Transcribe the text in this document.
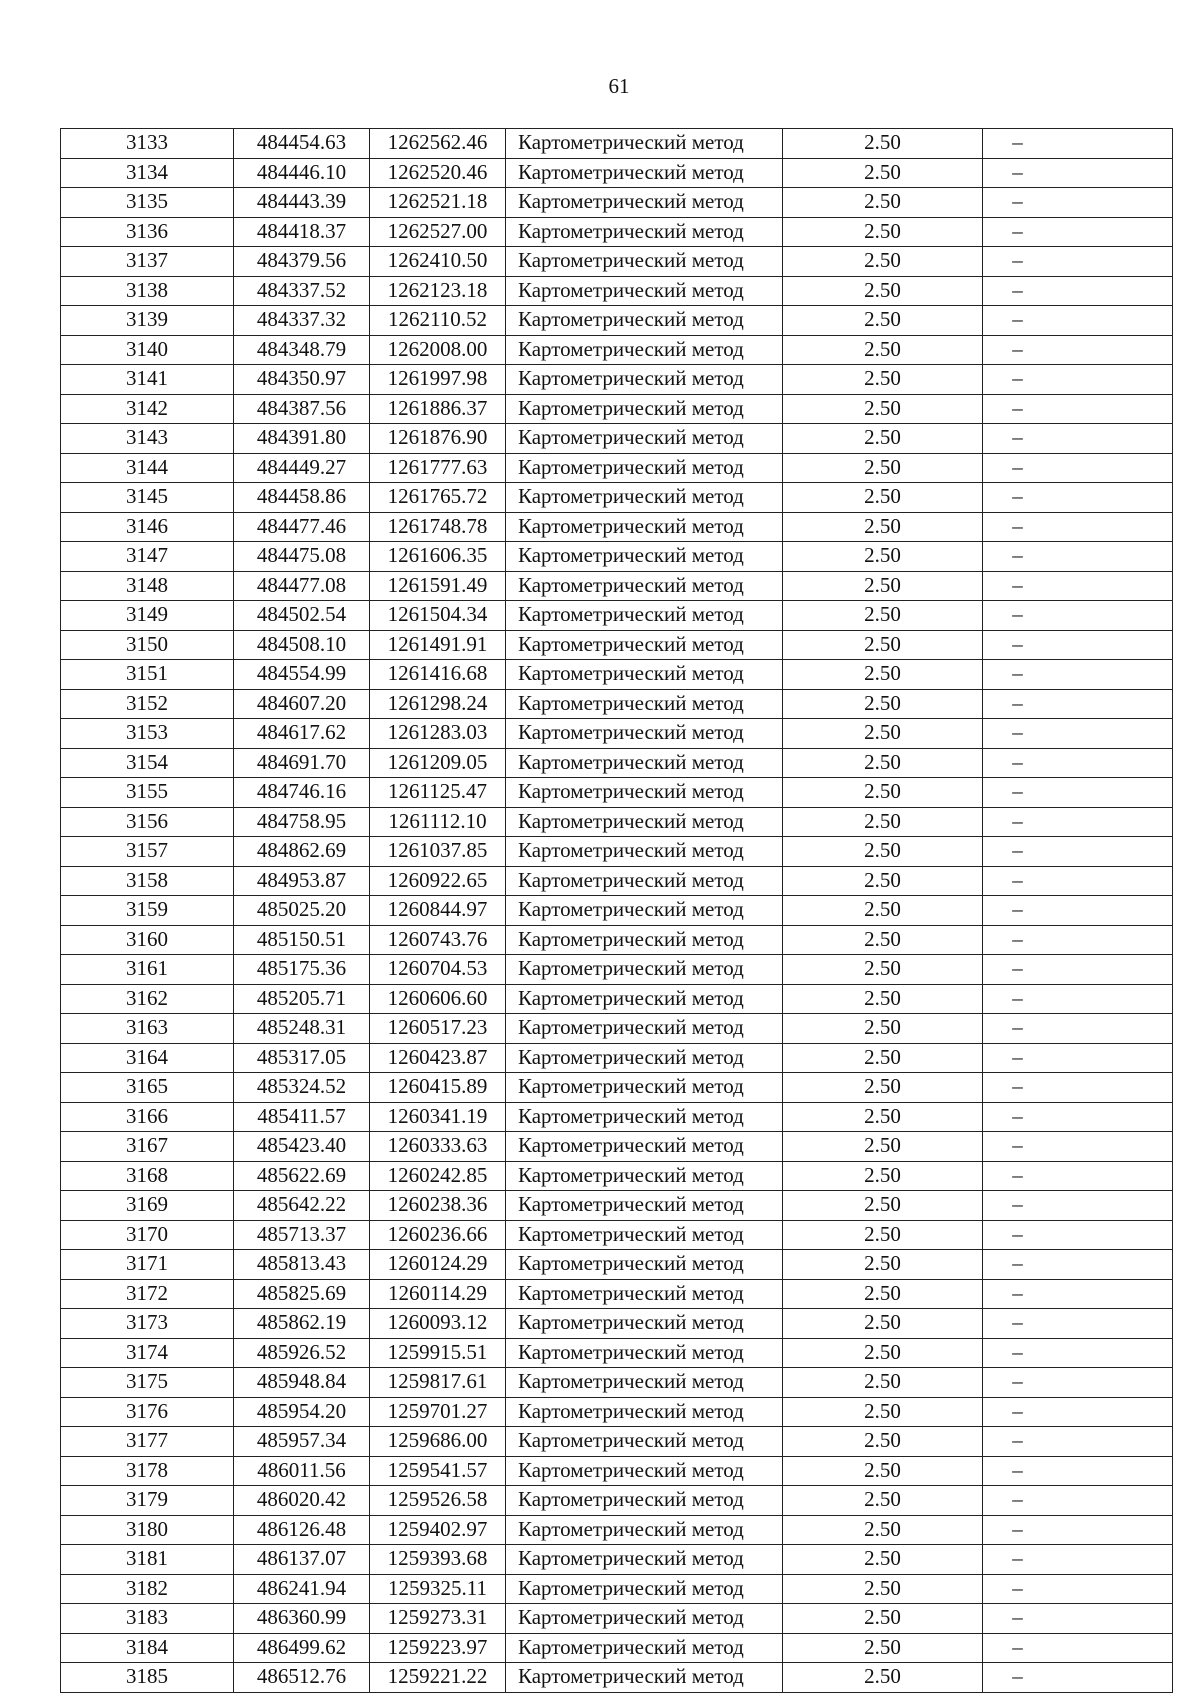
61
3133	484454.63	1262562.46	Картометрический метод	2.50	–
3134	484446.10	1262520.46	Картометрический метод	2.50	–
3135	484443.39	1262521.18	Картометрический метод	2.50	–
3136	484418.37	1262527.00	Картометрический метод	2.50	–
3137	484379.56	1262410.50	Картометрический метод	2.50	–
3138	484337.52	1262123.18	Картометрический метод	2.50	–
3139	484337.32	1262110.52	Картометрический метод	2.50	–
3140	484348.79	1262008.00	Картометрический метод	2.50	–
3141	484350.97	1261997.98	Картометрический метод	2.50	–
3142	484387.56	1261886.37	Картометрический метод	2.50	–
3143	484391.80	1261876.90	Картометрический метод	2.50	–
3144	484449.27	1261777.63	Картометрический метод	2.50	–
3145	484458.86	1261765.72	Картометрический метод	2.50	–
3146	484477.46	1261748.78	Картометрический метод	2.50	–
3147	484475.08	1261606.35	Картометрический метод	2.50	–
3148	484477.08	1261591.49	Картометрический метод	2.50	–
3149	484502.54	1261504.34	Картометрический метод	2.50	–
3150	484508.10	1261491.91	Картометрический метод	2.50	–
3151	484554.99	1261416.68	Картометрический метод	2.50	–
3152	484607.20	1261298.24	Картометрический метод	2.50	–
3153	484617.62	1261283.03	Картометрический метод	2.50	–
3154	484691.70	1261209.05	Картометрический метод	2.50	–
3155	484746.16	1261125.47	Картометрический метод	2.50	–
3156	484758.95	1261112.10	Картометрический метод	2.50	–
3157	484862.69	1261037.85	Картометрический метод	2.50	–
3158	484953.87	1260922.65	Картометрический метод	2.50	–
3159	485025.20	1260844.97	Картометрический метод	2.50	–
3160	485150.51	1260743.76	Картометрический метод	2.50	–
3161	485175.36	1260704.53	Картометрический метод	2.50	–
3162	485205.71	1260606.60	Картометрический метод	2.50	–
3163	485248.31	1260517.23	Картометрический метод	2.50	–
3164	485317.05	1260423.87	Картометрический метод	2.50	–
3165	485324.52	1260415.89	Картометрический метод	2.50	–
3166	485411.57	1260341.19	Картометрический метод	2.50	–
3167	485423.40	1260333.63	Картометрический метод	2.50	–
3168	485622.69	1260242.85	Картометрический метод	2.50	–
3169	485642.22	1260238.36	Картометрический метод	2.50	–
3170	485713.37	1260236.66	Картометрический метод	2.50	–
3171	485813.43	1260124.29	Картометрический метод	2.50	–
3172	485825.69	1260114.29	Картометрический метод	2.50	–
3173	485862.19	1260093.12	Картометрический метод	2.50	–
3174	485926.52	1259915.51	Картометрический метод	2.50	–
3175	485948.84	1259817.61	Картометрический метод	2.50	–
3176	485954.20	1259701.27	Картометрический метод	2.50	–
3177	485957.34	1259686.00	Картометрический метод	2.50	–
3178	486011.56	1259541.57	Картометрический метод	2.50	–
3179	486020.42	1259526.58	Картометрический метод	2.50	–
3180	486126.48	1259402.97	Картометрический метод	2.50	–
3181	486137.07	1259393.68	Картометрический метод	2.50	–
3182	486241.94	1259325.11	Картометрический метод	2.50	–
3183	486360.99	1259273.31	Картометрический метод	2.50	–
3184	486499.62	1259223.97	Картометрический метод	2.50	–
3185	486512.76	1259221.22	Картометрический метод	2.50	–
